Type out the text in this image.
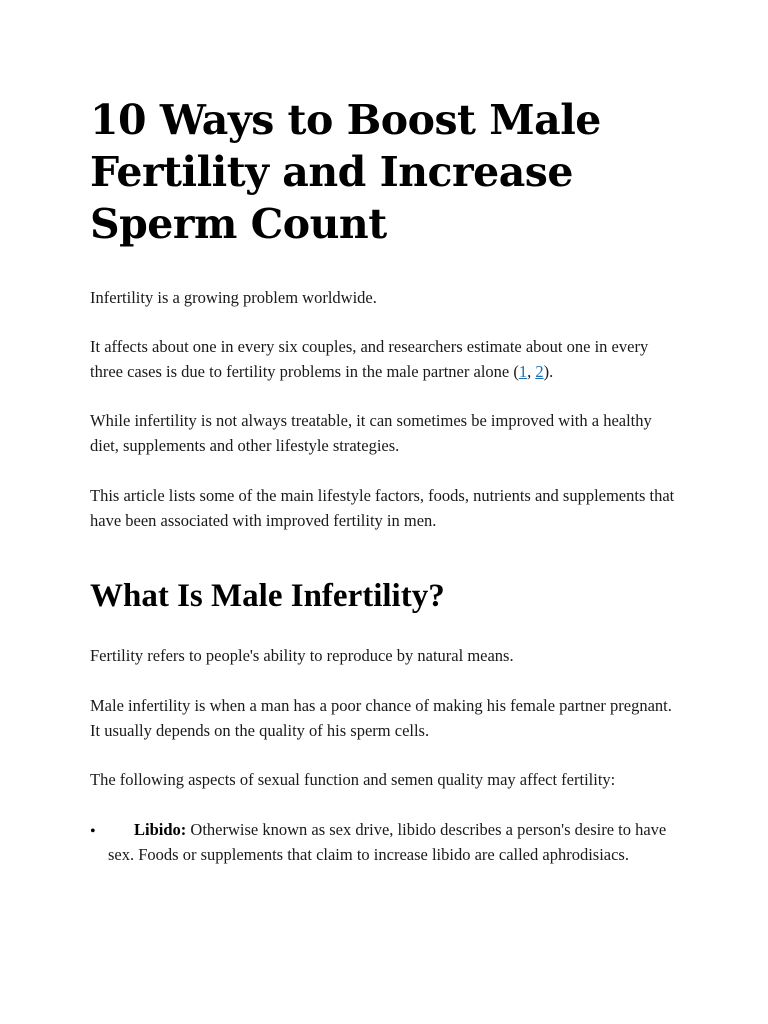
10 Ways to Boost Male Fertility and Increase Sperm Count

Infertility is a growing problem worldwide.

It affects about one in every six couples, and researchers estimate about one in every three cases is due to fertility problems in the male partner alone (1, 2).

While infertility is not always treatable, it can sometimes be improved with a healthy diet, supplements and other lifestyle strategies.

This article lists some of the main lifestyle factors, foods, nutrients and supplements that have been associated with improved fertility in men.

What Is Male Infertility?

Fertility refers to people's ability to reproduce by natural means.

Male infertility is when a man has a poor chance of making his female partner pregnant. It usually depends on the quality of his sperm cells.

The following aspects of sexual function and semen quality may affect fertility:

•	Libido: Otherwise known as sex drive, libido describes a person's desire to have sex. Foods or supplements that claim to increase libido are called aphrodisiacs.
